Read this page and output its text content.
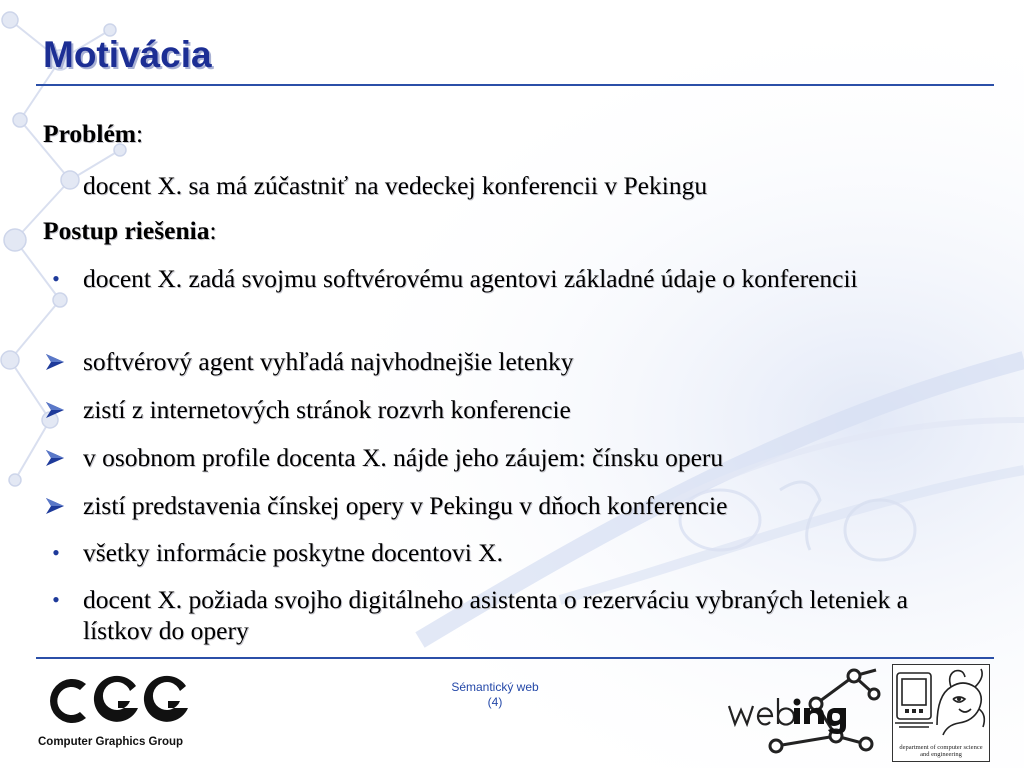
Motivácia
Problém:
docent X. sa má zúčastniť na vedeckej konferencii v Pekingu
Postup riešenia:
• docent X. zadá svojmu softvérovému agentovi základné údaje o konferencii
softvérový agent vyhľadá najvhodnejšie letenky
zistí z internetových stránok rozvrh konferencie
v osobnom profile docenta X. nájde jeho záujem: čínsku operu
zistí predstavenia čínskej opery v Pekingu v dňoch konferencie
• všetky informácie poskytne docentovi X.
• docent X. požiada svojho digitálneho asistenta o rezerváciu vybraných leteniek a lístkov do opery
Computer Graphics Group
Sémantický web
(4)
department of computer science
and engineering
